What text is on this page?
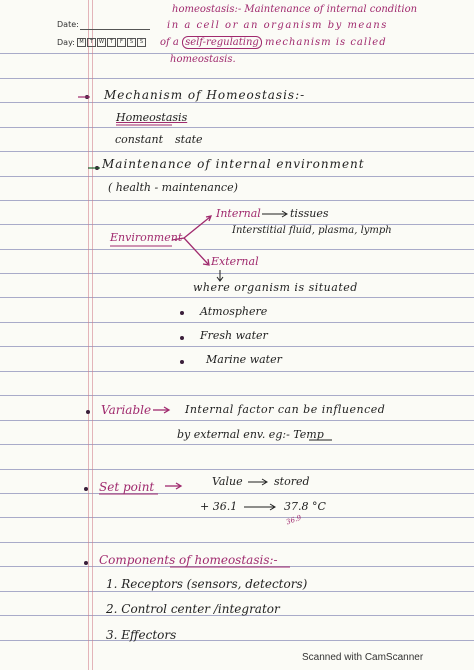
Date:
Day: M	T	W	T	F	S	S
homeostasis:- Maintenance of internal condition
in a cell or an organism by means
of a self-regulating mechanism is called
homeostasis.
Mechanism of Homeostasis:-
Homeostasis
constant state
Maintenance of internal environment
( health - maintenance)
Environment
Internal	tissues
Interstitial fluid, plasma, lymph
External
where organism is situated
Atmosphere
Fresh water
Marine water
Variable	Internal factor can be influenced
by external env. eg:- Temp
Set point	Value	stored
+ 36.1	37.8 °C
36.9
Components of homeostasis:-
1. Receptors (sensors, detectors)
2. Control center /integrator
3. Effectors
Scanned with CamScanner
